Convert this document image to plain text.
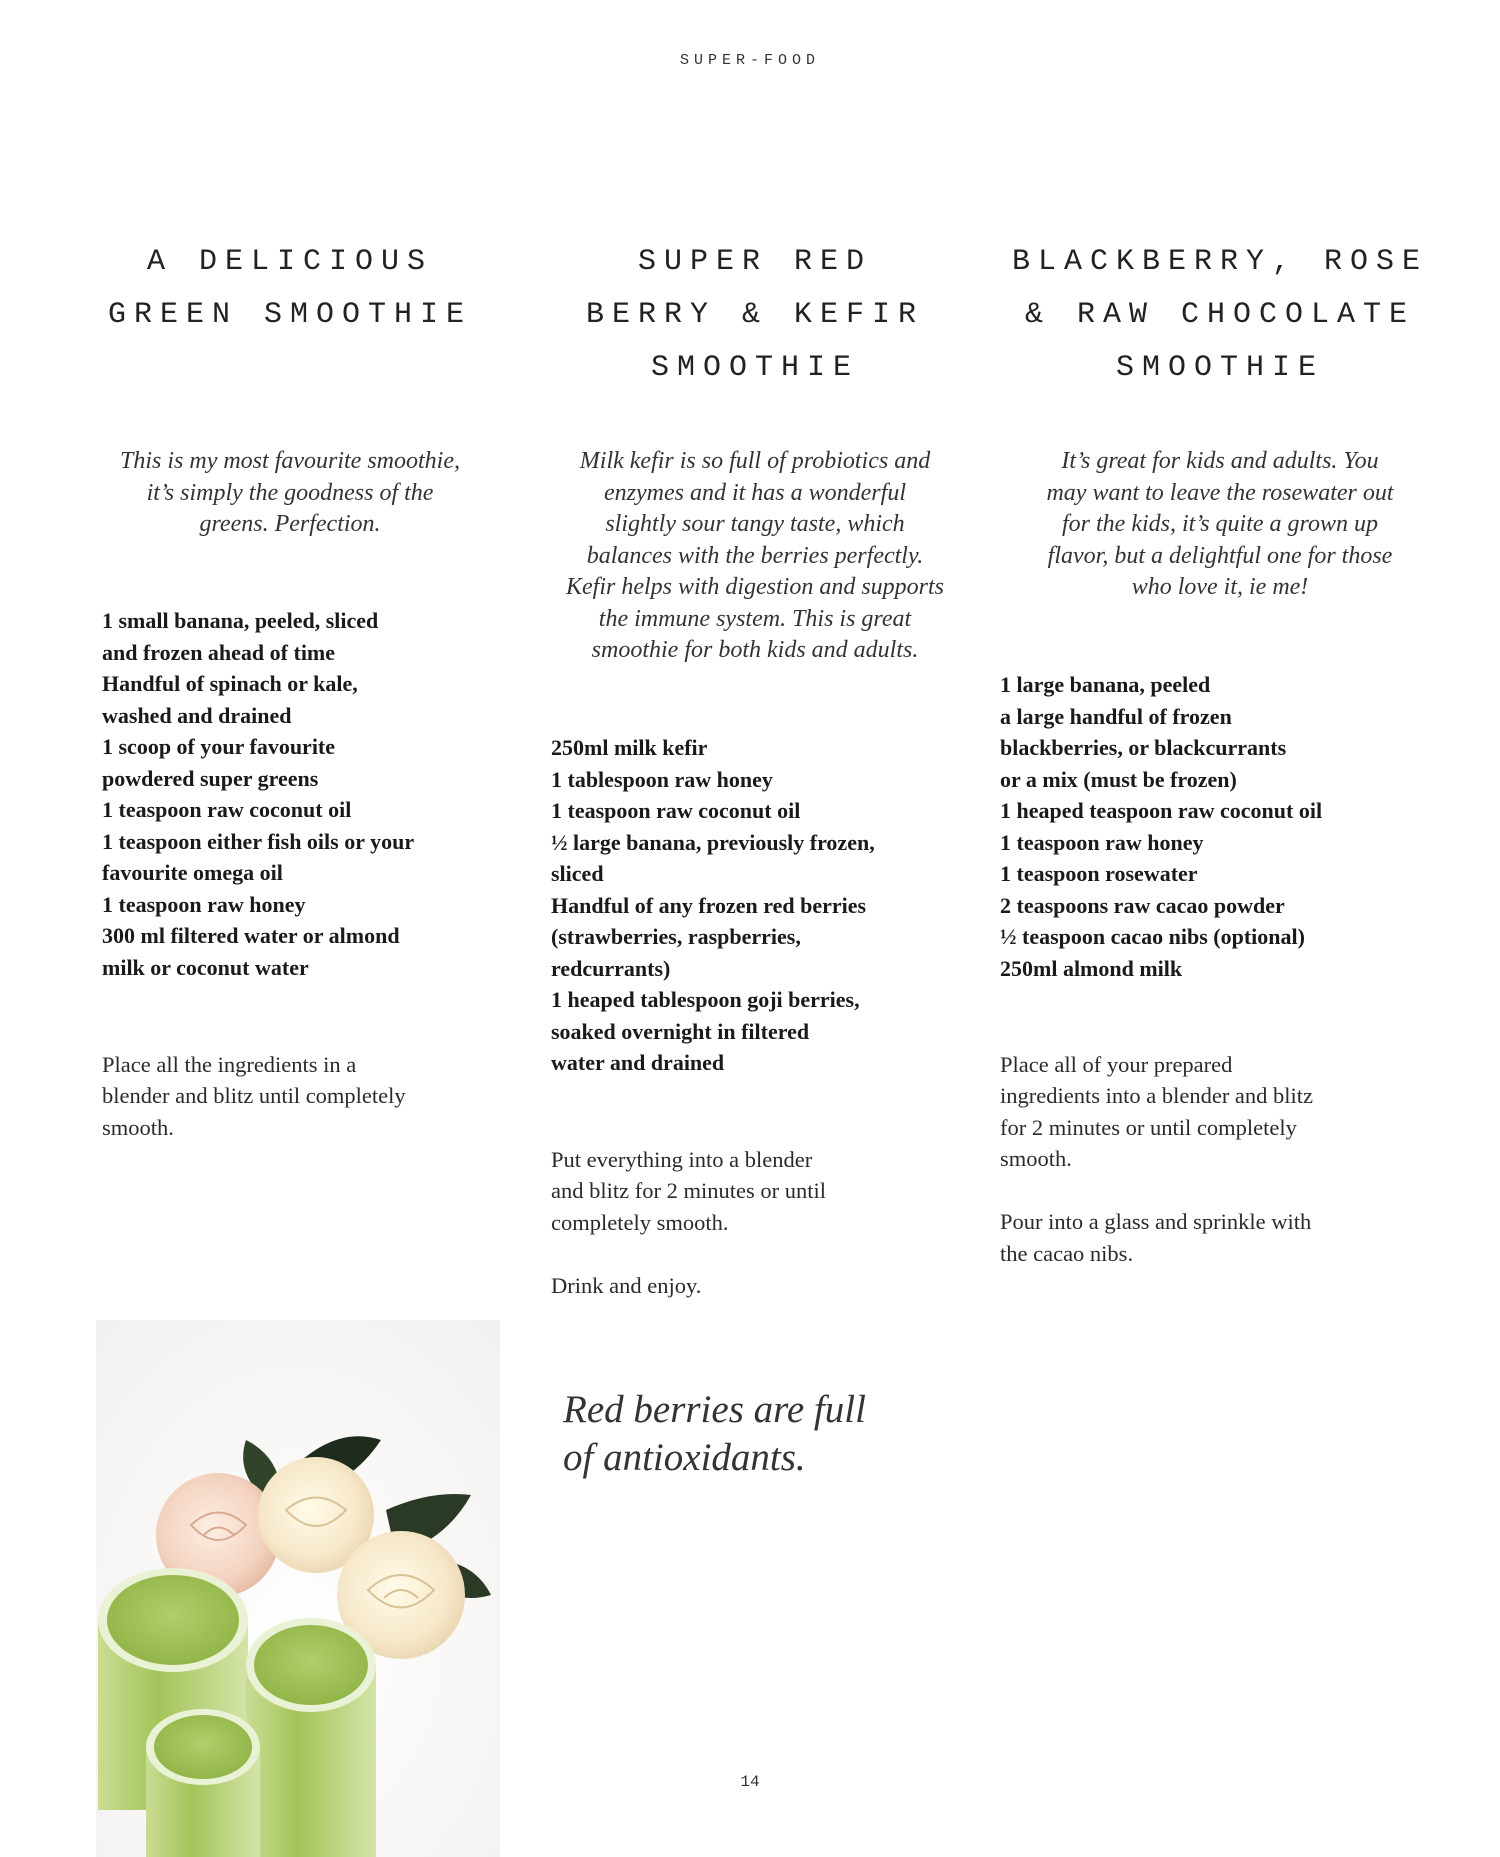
SUPER-FOOD
A DELICIOUS
GREEN SMOOTHIE
This is my most favourite smoothie,
it’s simply the goodness of the
greens. Perfection.
1 small banana, peeled, sliced
and frozen ahead of time
Handful of spinach or kale,
washed and drained
1 scoop of your favourite
powdered super greens
1 teaspoon raw coconut oil
1 teaspoon either fish oils or your
favourite omega oil
1 teaspoon raw honey
300 ml filtered water or almond
milk or coconut water

Place all the ingredients in a
blender and blitz until completely
smooth.

SUPER RED
BERRY & KEFIR
SMOOTHIE
Milk kefir is so full of probiotics and
enzymes and it has a wonderful
slightly sour tangy taste, which
balances with the berries perfectly.
Kefir helps with digestion and supports
the immune system. This is great
smoothie for both kids and adults.
250ml milk kefir
1 tablespoon raw honey
1 teaspoon raw coconut oil
½ large banana, previously frozen,
sliced
Handful of any frozen red berries
(strawberries, raspberries,
redcurrants)
1 heaped tablespoon goji berries,
soaked overnight in filtered
water and drained

Put everything into a blender
and blitz for 2 minutes or until
completely smooth.

Drink and enjoy.

BLACKBERRY, ROSE
& RAW CHOCOLATE
SMOOTHIE
It’s great for kids and adults. You
may want to leave the rosewater out
for the kids, it’s quite a grown up
flavor, but a delightful one for those
who love it, ie me!
1 large banana, peeled
a large handful of frozen
blackberries, or blackcurrants
or a mix (must be frozen)
1 heaped teaspoon raw coconut oil
1 teaspoon raw honey
1 teaspoon rosewater
2 teaspoons raw cacao powder
½ teaspoon cacao nibs (optional)
250ml almond milk

Place all of your prepared
ingredients into a blender and blitz
for 2 minutes or until completely
smooth.

Pour into a glass and sprinkle with
the cacao nibs.

Red berries are full
of antioxidants.
14
